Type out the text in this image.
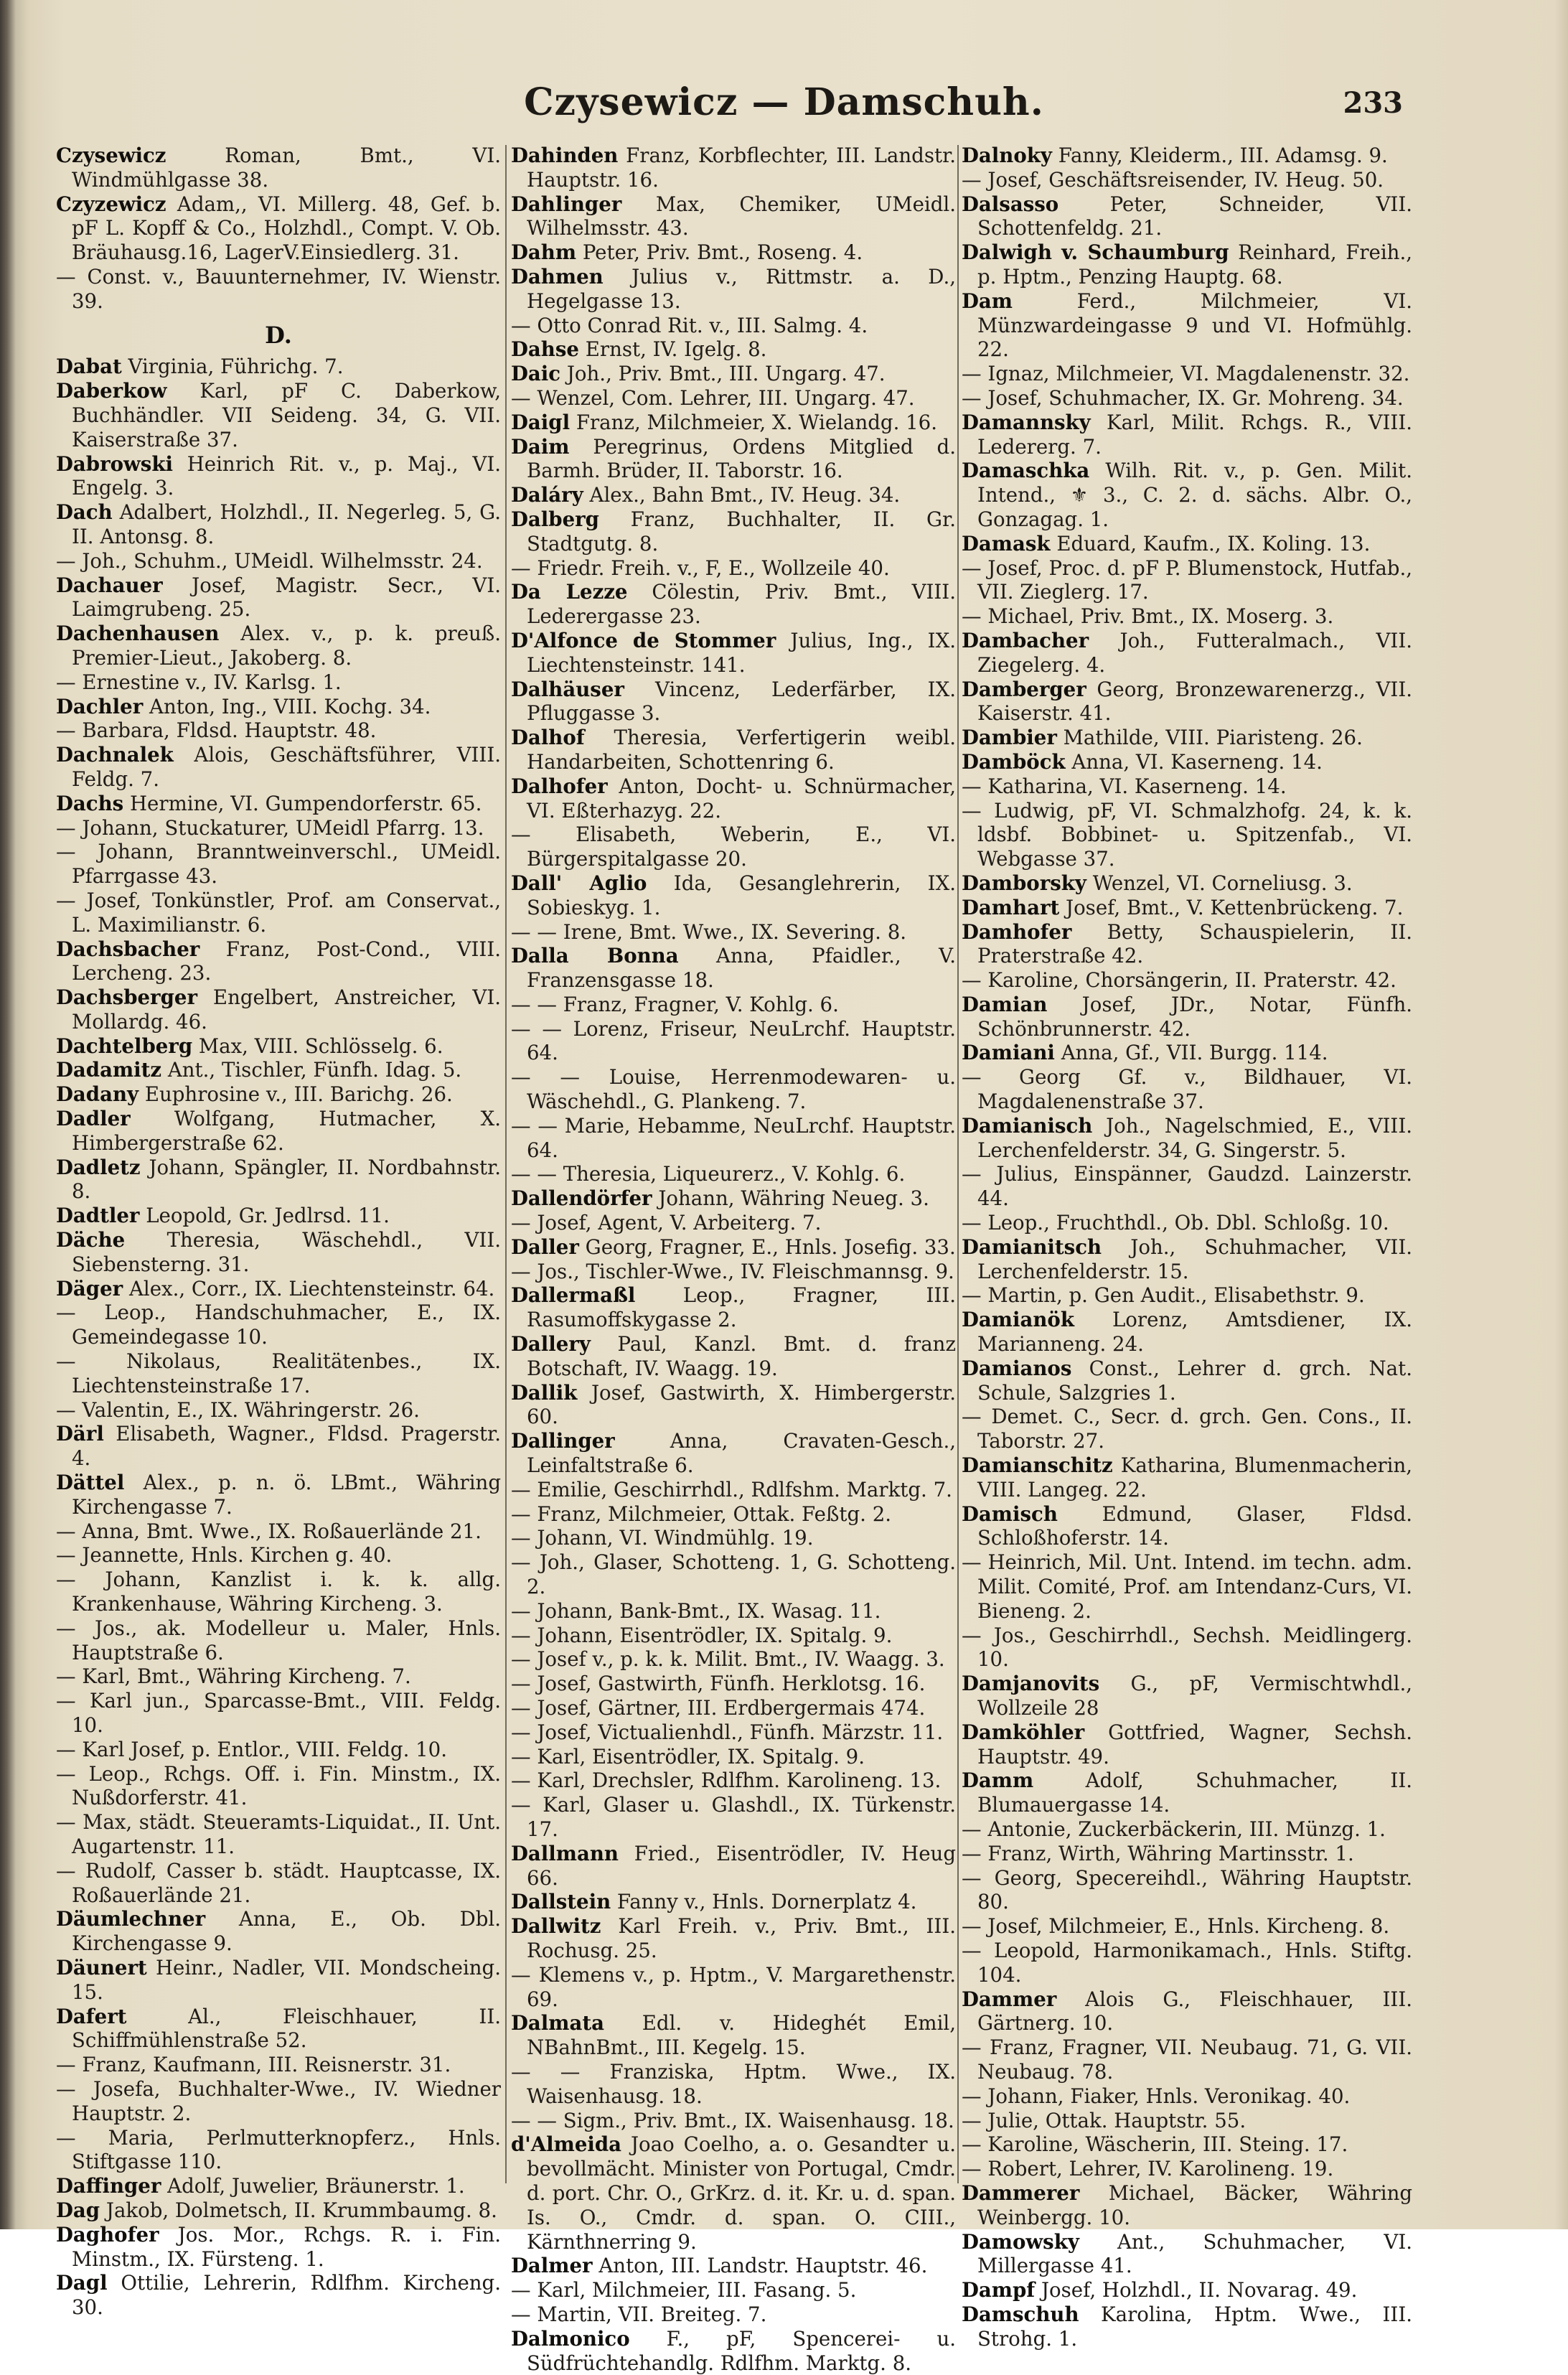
Czysewicz — Damschuh.	233

Czysewicz Roman, Bmt., VI. Windmühlgasse 38.

Czyzewicz Adam,, VI. Millerg. 48, Gef. b. pF L. Kopff & Co., Holzhdl., Compt. V. Ob. Bräuhausg.16, LagerV.Einsiedlerg. 31.

— Const. v., Bauunternehmer, IV. Wienstr. 39.

D.

Dabat Virginia, Führichg. 7.

Daberkow Karl, pF C. Daberkow, Buchhändler. VII Seideng. 34, G. VII. Kaiserstraße 37.

Dabrowski Heinrich Rit. v., p. Maj., VI. Engelg. 3.

Dach Adalbert, Holzhdl., II. Negerleg. 5, G. II. Antonsg. 8.

— Joh., Schuhm., UMeidl. Wilhelmsstr. 24.

Dachauer Josef, Magistr. Secr., VI. Laimgrubeng. 25.

Dachenhausen Alex. v., p. k. preuß. Premier-Lieut., Jakoberg. 8.

— Ernestine v., IV. Karlsg. 1.

Dachler Anton, Ing., VIII. Kochg. 34.

— Barbara, Fldsd. Hauptstr. 48.

Dachnalek Alois, Geschäftsführer, VIII. Feldg. 7.

Dachs Hermine, VI. Gumpendorferstr. 65.

— Johann, Stuckaturer, UMeidl Pfarrg. 13.

— Johann, Branntweinverschl., UMeidl. Pfarrgasse 43.

— Josef, Tonkünstler, Prof. am Conservat., L. Maximilianstr. 6.

Dachsbacher Franz, Post-Cond., VIII. Lercheng. 23.

Dachsberger Engelbert, Anstreicher, VI. Mollardg. 46.

Dachtelberg Max, VIII. Schlösselg. 6.

Dadamitz Ant., Tischler, Fünfh. Idag. 5.

Dadany Euphrosine v., III. Barichg. 26.

Dadler Wolfgang, Hutmacher, X. Himbergerstraße 62.

Dadletz Johann, Spängler, II. Nordbahnstr. 8.

Dadtler Leopold, Gr. Jedlrsd. 11.

Däche Theresia, Wäschehdl., VII. Siebensterng. 31.

Däger Alex., Corr., IX. Liechtensteinstr. 64.

— Leop., Handschuhmacher, E., IX. Gemeindegasse 10.

— Nikolaus, Realitätenbes., IX. Liechtensteinstraße 17.

— Valentin, E., IX. Währingerstr. 26.

Därl Elisabeth, Wagner., Fldsd. Pragerstr. 4.

Dättel Alex., p. n. ö. LBmt., Währing Kirchengasse 7.

— Anna, Bmt. Wwe., IX. Roßauerlände 21.

— Jeannette, Hnls. Kirchen g. 40.

— Johann, Kanzlist i. k. k. allg. Krankenhause, Währing Kircheng. 3.

— Jos., ak. Modelleur u. Maler, Hnls. Hauptstraße 6.

— Karl, Bmt., Währing Kircheng. 7.

— Karl jun., Sparcasse-Bmt., VIII. Feldg. 10.

— Karl Josef, p. Entlor., VIII. Feldg. 10.

— Leop., Rchgs. Off. i. Fin. Minstm., IX. Nußdorferstr. 41.

— Max, städt. Steueramts-Liquidat., II. Unt. Augartenstr. 11.

— Rudolf, Casser b. städt. Hauptcasse, IX. Roßauerlände 21.

Däumlechner Anna, E., Ob. Dbl. Kirchengasse 9.

Däunert Heinr., Nadler, VII. Mondscheing. 15.

Dafert Al., Fleischhauer, II. Schiffmühlenstraße 52.

— Franz, Kaufmann, III. Reisnerstr. 31.

— Josefa, Buchhalter-Wwe., IV. Wiedner Hauptstr. 2.

— Maria, Perlmutterknopferz., Hnls. Stiftgasse 110.

Daffinger Adolf, Juwelier, Bräunerstr. 1.

Dag Jakob, Dolmetsch, II. Krummbaumg. 8.

Daghofer Jos. Mor., Rchgs. R. i. Fin. Minstm., IX. Fürsteng. 1.

Dagl Ottilie, Lehrerin, Rdlfhm. Kircheng. 30.

Dahinden Franz, Korbflechter, III. Landstr. Hauptstr. 16.

Dahlinger Max, Chemiker, UMeidl. Wilhelmsstr. 43.

Dahm Peter, Priv. Bmt., Roseng. 4.

Dahmen Julius v., Rittmstr. a. D., Hegelgasse 13.

— Otto Conrad Rit. v., III. Salmg. 4.

Dahse Ernst, IV. Igelg. 8.

Daic Joh., Priv. Bmt., III. Ungarg. 47.

— Wenzel, Com. Lehrer, III. Ungarg. 47.

Daigl Franz, Milchmeier, X. Wielandg. 16.

Daim Peregrinus, Ordens Mitglied d. Barmh. Brüder, II. Taborstr. 16.

Daláry Alex., Bahn Bmt., IV. Heug. 34.

Dalberg Franz, Buchhalter, II. Gr. Stadtgutg. 8.

— Friedr. Freih. v., F, E., Wollzeile 40.

Da Lezze Cölestin, Priv. Bmt., VIII. Lederergasse 23.

D'Alfonce de Stommer Julius, Ing., IX. Liechtensteinstr. 141.

Dalhäuser Vincenz, Lederfärber, IX. Pfluggasse 3.

Dalhof Theresia, Verfertigerin weibl. Handarbeiten, Schottenring 6.

Dalhofer Anton, Docht- u. Schnürmacher, VI. Eßterhazyg. 22.

— Elisabeth, Weberin, E., VI. Bürgerspitalgasse 20.

Dall' Aglio Ida, Gesanglehrerin, IX. Sobieskyg. 1.

— — Irene, Bmt. Wwe., IX. Severing. 8.

Dalla Bonna Anna, Pfaidler., V. Franzensgasse 18.

— — Franz, Fragner, V. Kohlg. 6.

— — Lorenz, Friseur, NeuLrchf. Hauptstr. 64.

— — Louise, Herrenmodewaren- u. Wäschehdl., G. Plankeng. 7.

— — Marie, Hebamme, NeuLrchf. Hauptstr. 64.

— — Theresia, Liqueurerz., V. Kohlg. 6.

Dallendörfer Johann, Währing Neueg. 3.

— Josef, Agent, V. Arbeiterg. 7.

Daller Georg, Fragner, E., Hnls. Josefig. 33.

— Jos., Tischler-Wwe., IV. Fleischmannsg. 9.

Dallermaßl Leop., Fragner, III. Rasumoffskygasse 2.

Dallery Paul, Kanzl. Bmt. d. franz Botschaft, IV. Waagg. 19.

Dallik Josef, Gastwirth, X. Himbergerstr. 60.

Dallinger Anna, Cravaten-Gesch., Leinfaltstraße 6.

— Emilie, Geschirrhdl., Rdlfshm. Marktg. 7.

— Franz, Milchmeier, Ottak. Feßtg. 2.

— Johann, VI. Windmühlg. 19.

— Joh., Glaser, Schotteng. 1, G. Schotteng. 2.

— Johann, Bank-Bmt., IX. Wasag. 11.

— Johann, Eisentrödler, IX. Spitalg. 9.

— Josef v., p. k. k. Milit. Bmt., IV. Waagg. 3.

— Josef, Gastwirth, Fünfh. Herklotsg. 16.

— Josef, Gärtner, III. Erdbergermais 474.

— Josef, Victualienhdl., Fünfh. Märzstr. 11.

— Karl, Eisentrödler, IX. Spitalg. 9.

— Karl, Drechsler, Rdlfhm. Karolineng. 13.

— Karl, Glaser u. Glashdl., IX. Türkenstr. 17.

Dallmann Fried., Eisentrödler, IV. Heug 66.

Dallstein Fanny v., Hnls. Dornerplatz 4.

Dallwitz Karl Freih. v., Priv. Bmt., III. Rochusg. 25.

— Klemens v., p. Hptm., V. Margarethenstr. 69.

Dalmata Edl. v. Hideghét Emil, NBahnBmt., III. Kegelg. 15.

— — Franziska, Hptm. Wwe., IX. Waisenhausg. 18.

— — Sigm., Priv. Bmt., IX. Waisenhausg. 18.

d'Almeida Joao Coelho, a. o. Gesandter u. bevollmächt. Minister von Portugal, Cmdr. d. port. Chr. O., GrKrz. d. it. Kr. u. d. span. Is. O., Cmdr. d. span. O. CIII., Kärnthnerring 9.

Dalmer Anton, III. Landstr. Hauptstr. 46.

— Karl, Milchmeier, III. Fasang. 5.

— Martin, VII. Breiteg. 7.

Dalmonico F., pF, Spencerei- u. Südfrüchtehandlg. Rdlfhm. Marktg. 8.

Dalnoky Fanny, Kleiderm., III. Adamsg. 9.

— Josef, Geschäftsreisender, IV. Heug. 50.

Dalsasso Peter, Schneider, VII. Schottenfeldg. 21.

Dalwigh v. Schaumburg Reinhard, Freih., p. Hptm., Penzing Hauptg. 68.

Dam Ferd., Milchmeier, VI. Münzwardeingasse 9 und VI. Hofmühlg. 22.

— Ignaz, Milchmeier, VI. Magdalenenstr. 32.

— Josef, Schuhmacher, IX. Gr. Mohreng. 34.

Damannsky Karl, Milit. Rchgs. R., VIII. Ledererg. 7.

Damaschka Wilh. Rit. v., p. Gen. Milit. Intend., ⚜ 3., C. 2. d. sächs. Albr. O., Gonzagag. 1.

Damask Eduard, Kaufm., IX. Koling. 13.

— Josef, Proc. d. pF P. Blumenstock, Hutfab., VII. Zieglerg. 17.

— Michael, Priv. Bmt., IX. Moserg. 3.

Dambacher Joh., Futteralmach., VII. Ziegelerg. 4.

Damberger Georg, Bronzewarenerzg., VII. Kaiserstr. 41.

Dambier Mathilde, VIII. Piaristeng. 26.

Damböck Anna, VI. Kaserneng. 14.

— Katharina, VI. Kaserneng. 14.

— Ludwig, pF, VI. Schmalzhofg. 24, k. k. ldsbf. Bobbinet- u. Spitzenfab., VI. Webgasse 37.

Damborsky Wenzel, VI. Corneliusg. 3.

Damhart Josef, Bmt., V. Kettenbrückeng. 7.

Damhofer Betty, Schauspielerin, II. Praterstraße 42.

— Karoline, Chorsängerin, II. Praterstr. 42.

Damian Josef, JDr., Notar, Fünfh. Schönbrunnerstr. 42.

Damiani Anna, Gf., VII. Burgg. 114.

— Georg Gf. v., Bildhauer, VI. Magdalenenstraße 37.

Damianisch Joh., Nagelschmied, E., VIII. Lerchenfelderstr. 34, G. Singerstr. 5.

— Julius, Einspänner, Gaudzd. Lainzerstr. 44.

— Leop., Fruchthdl., Ob. Dbl. Schloßg. 10.

Damianitsch Joh., Schuhmacher, VII. Lerchenfelderstr. 15.

— Martin, p. Gen Audit., Elisabethstr. 9.

Damianök Lorenz, Amtsdiener, IX. Marianneng. 24.

Damianos Const., Lehrer d. grch. Nat. Schule, Salzgries 1.

— Demet. C., Secr. d. grch. Gen. Cons., II. Taborstr. 27.

Damianschitz Katharina, Blumenmacherin, VIII. Langeg. 22.

Damisch Edmund, Glaser, Fldsd. Schloßhoferstr. 14.

— Heinrich, Mil. Unt. Intend. im techn. adm. Milit. Comité, Prof. am Intendanz-Curs, VI. Bieneng. 2.

— Jos., Geschirrhdl., Sechsh. Meidlingerg. 10.

Damjanovits G., pF, Vermischtwhdl., Wollzeile 28

Damköhler Gottfried, Wagner, Sechsh. Hauptstr. 49.

Damm Adolf, Schuhmacher, II. Blumauergasse 14.

— Antonie, Zuckerbäckerin, III. Münzg. 1.

— Franz, Wirth, Währing Martinsstr. 1.

— Georg, Specereihdl., Währing Hauptstr. 80.

— Josef, Milchmeier, E., Hnls. Kircheng. 8.

— Leopold, Harmonikamach., Hnls. Stiftg. 104.

Dammer Alois G., Fleischhauer, III. Gärtnerg. 10.

— Franz, Fragner, VII. Neubaug. 71, G. VII. Neubaug. 78.

— Johann, Fiaker, Hnls. Veronikag. 40.

— Julie, Ottak. Hauptstr. 55.

— Karoline, Wäscherin, III. Steing. 17.

— Robert, Lehrer, IV. Karolineng. 19.

Dammerer Michael, Bäcker, Währing Weinbergg. 10.

Damowsky Ant., Schuhmacher, VI. Millergasse 41.

Dampf Josef, Holzhdl., II. Novarag. 49.

Damschuh Karolina, Hptm. Wwe., III. Strohg. 1.
